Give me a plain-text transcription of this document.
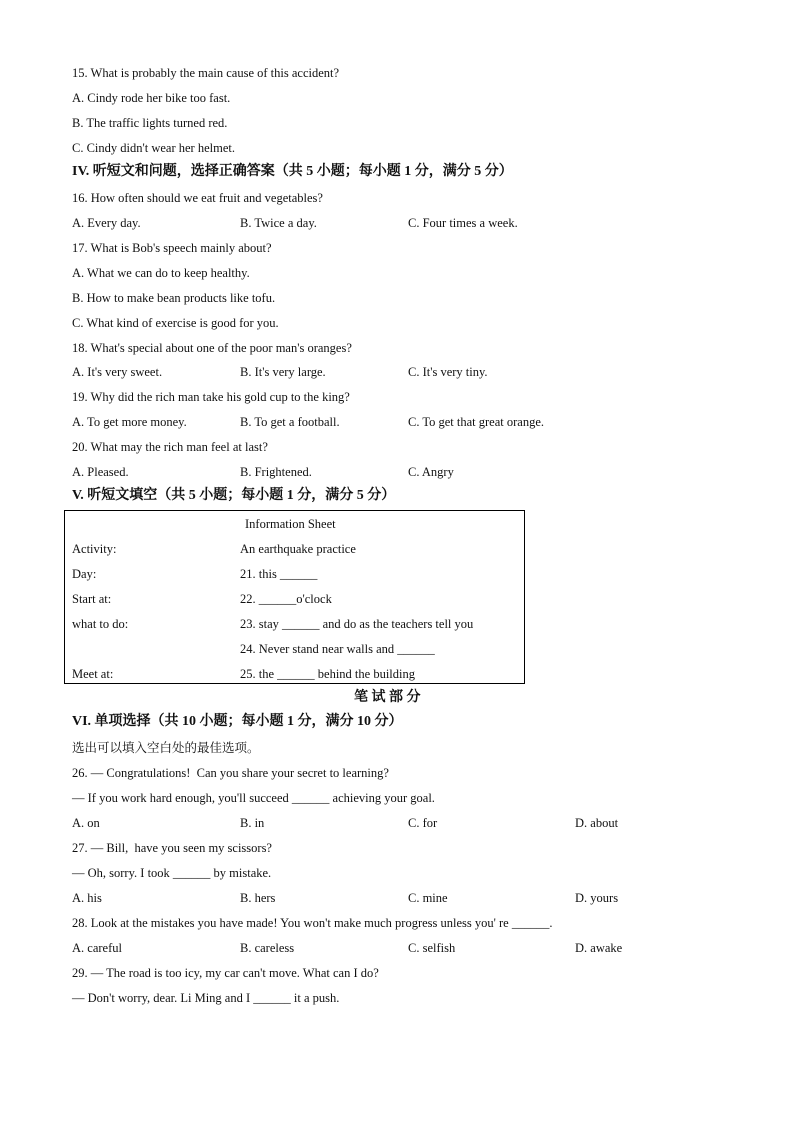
15. What is probably the main cause of this accident?
A. Cindy rode her bike too fast.
B. The traffic lights turned red.
C. Cindy didn't wear her helmet.
IV. 听短文和问题，选择正确答案（共 5 小题；每小题 1 分，满分 5 分）
16. How often should we eat fruit and vegetables?
A. Every day.	B. Twice a day.	C. Four times a week.
17. What is Bob's speech mainly about?
A. What we can do to keep healthy.
B. How to make bean products like tofu.
C. What kind of exercise is good for you.
18. What's special about one of the poor man's oranges?
A. It's very sweet.	B. It's very large.	C. It's very tiny.
19. Why did the rich man take his gold cup to the king?
A. To get more money.	B. To get a football.	C. To get that great orange.
20. What may the rich man feel at last?
A. Pleased.	B. Frightened.	C. Angry
V. 听短文填空（共 5 小题；每小题 1 分，满分 5 分）
Information Sheet
Activity:	An earthquake practice
Day:	21. this ______
Start at:	22. ______o'clock
what to do:	23. stay ______ and do as the teachers tell you
24. Never stand near walls and ______
Meet at:	25. the ______ behind the building
笔 试 部 分
VI. 单项选择（共 10 小题；每小题 1 分，满分 10 分）
选出可以填入空白处的最佳选项。
26. — Congratulations!  Can you share your secret to learning?
— If you work hard enough, you'll succeed ______ achieving your goal.
A. on	B. in	C. for	D. about
27. — Bill,  have you seen my scissors?
— Oh, sorry. I took ______ by mistake.
A. his	B. hers	C. mine	D. yours
28. Look at the mistakes you have made! You won't make much progress unless you' re ______.
A. careful	B. careless	C. selfish	D. awake
29. — The road is too icy, my car can't move. What can I do?
— Don't worry, dear. Li Ming and I ______ it a push.
